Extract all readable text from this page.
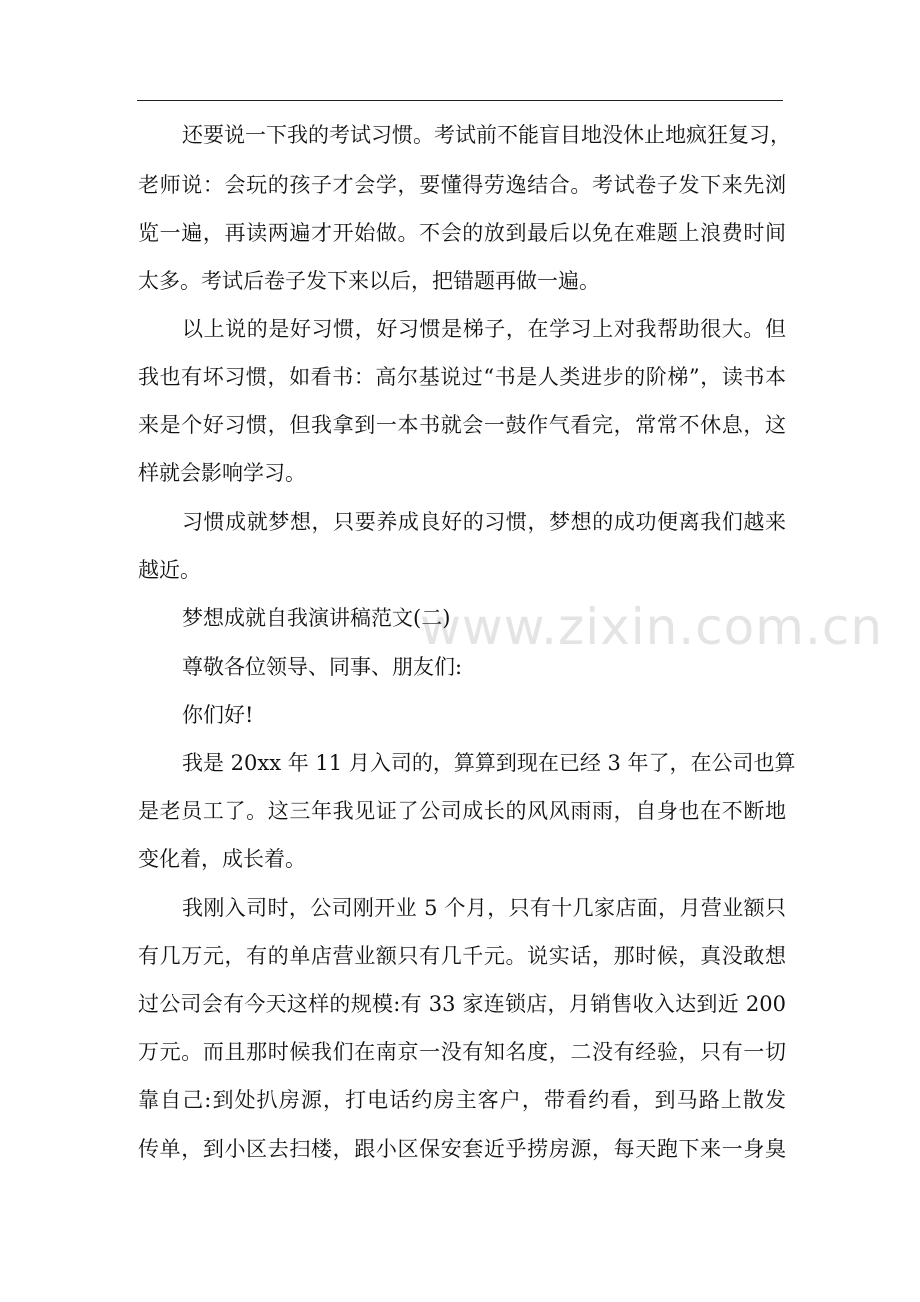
www.zixin.com.cn
还要说一下我的考试习惯。考试前不能盲目地没休止地疯狂复习，
老师说：会玩的孩子才会学，要懂得劳逸结合。考试卷子发下来先浏
览一遍，再读两遍才开始做。不会的放到最后以免在难题上浪费时间
太多。考试后卷子发下来以后，把错题再做一遍。
以上说的是好习惯，好习惯是梯子，在学习上对我帮助很大。但
我也有坏习惯，如看书：高尔基说过“书是人类进步的阶梯”，读书本
来是个好习惯，但我拿到一本书就会一鼓作气看完，常常不休息，这
样就会影响学习。
习惯成就梦想，只要养成良好的习惯，梦想的成功便离我们越来
越近。
梦想成就自我演讲稿范文(二)
尊敬各位领导、同事、朋友们:
你们好!
我是 20xx 年 11 月入司的，算算到现在已经 3 年了，在公司也算
是老员工了。这三年我见证了公司成长的风风雨雨，自身也在不断地
变化着，成长着。
我刚入司时，公司刚开业 5 个月，只有十几家店面，月营业额只
有几万元，有的单店营业额只有几千元。说实话，那时候，真没敢想
过公司会有今天这样的规模:有 33 家连锁店，月销售收入达到近 200
万元。而且那时候我们在南京一没有知名度，二没有经验，只有一切
靠自己:到处扒房源，打电话约房主客户，带看约看，到马路上散发
传单，到小区去扫楼，跟小区保安套近乎捞房源，每天跑下来一身臭
